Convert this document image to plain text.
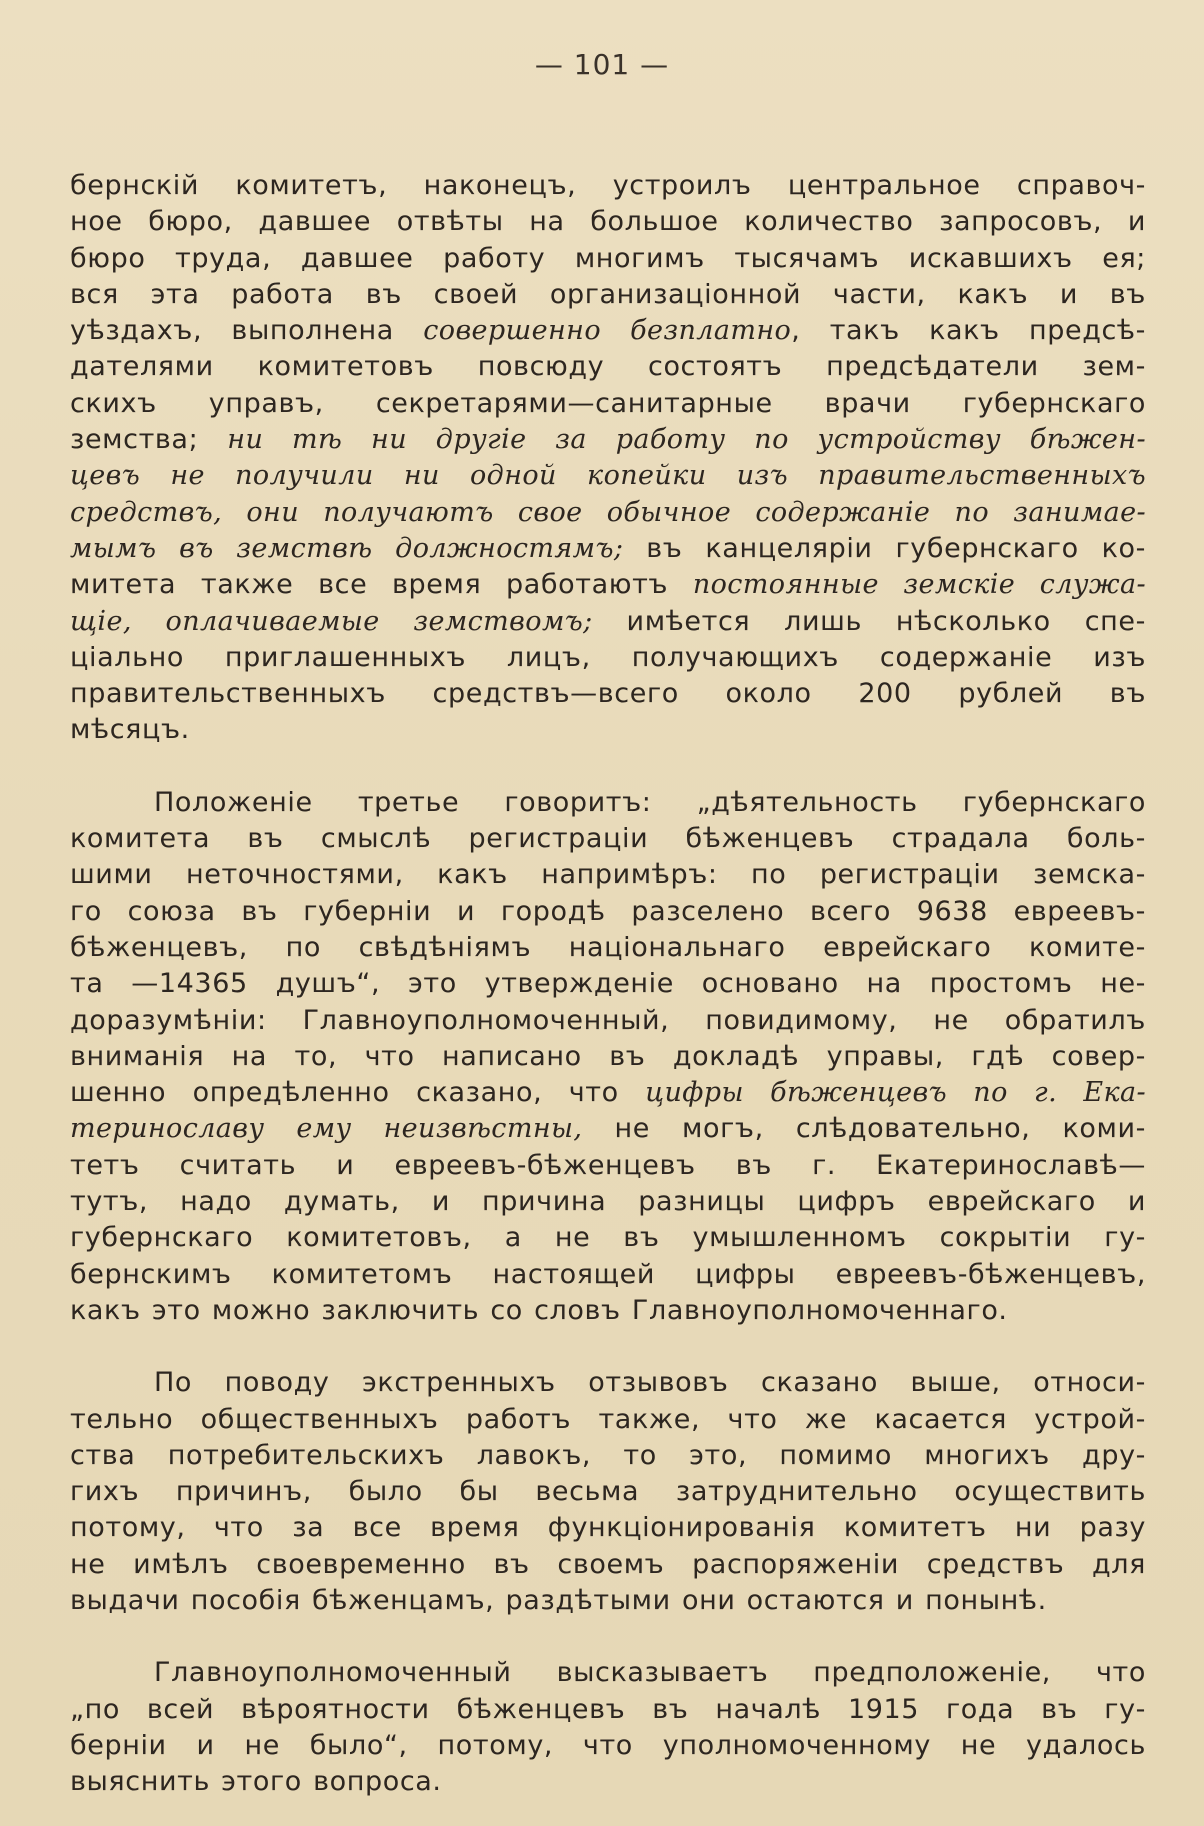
— 101 —
бернскій комитетъ, наконецъ, устроилъ центральное справоч-
ное бюро, давшее отвѣты на большое количество запросовъ, и
бюро труда, давшее работу многимъ тысячамъ искавшихъ ея;
вся эта работа въ своей организаціонной части, какъ и въ
уѣздахъ, выполнена совершенно безплатно, такъ какъ предсѣ-
дателями комитетовъ повсюду состоятъ предсѣдатели зем-
скихъ управъ, секретарями—санитарные врачи губернскаго
земства; ни тѣ ни другіе за работу по устройству бѣжен-
цевъ не получили ни одной копейки изъ правительственныхъ
средствъ, они получаютъ свое обычное содержаніе по занимае-
мымъ въ земствѣ должностямъ; въ канцеляріи губернскаго ко-
митета также все время работаютъ постоянные земскіе служа-
щіе, оплачиваемые земствомъ; имѣется лишь нѣсколько спе-
ціально приглашенныхъ лицъ, получающихъ содержаніе изъ
правительственныхъ средствъ—всего около 200 рублей въ
мѣсяцъ.
Положеніе третье говоритъ: „дѣятельность губернскаго
комитета въ смыслѣ регистраціи бѣженцевъ страдала боль-
шими неточностями, какъ напримѣръ: по регистраціи земска-
го союза въ губерніи и городѣ разселено всего 9638 евреевъ-
бѣженцевъ, по свѣдѣніямъ національнаго еврейскаго комите-
та —14365 душъ“, это утвержденіе основано на простомъ не-
доразумѣніи: Главноуполномоченный, повидимому, не обратилъ
вниманія на то, что написано въ докладѣ управы, гдѣ совер-
шенно опредѣленно сказано, что цифры бѣженцевъ по г. Ека-
теринославу ему неизвѣстны, не могъ, слѣдовательно, коми-
тетъ считать и евреевъ-бѣженцевъ въ г. Екатеринославѣ—
тутъ, надо думать, и причина разницы цифръ еврейскаго и
губернскаго комитетовъ, а не въ умышленномъ сокрытіи гу-
бернскимъ комитетомъ настоящей цифры евреевъ-бѣженцевъ,
какъ это можно заключить со словъ Главноуполномоченнаго.
По поводу экстренныхъ отзывовъ сказано выше, относи-
тельно общественныхъ работъ также, что же касается устрой-
ства потребительскихъ лавокъ, то это, помимо многихъ дру-
гихъ причинъ, было бы весьма затруднительно осуществить
потому, что за все время функціонированія комитетъ ни разу
не имѣлъ своевременно въ своемъ распоряженіи средствъ для
выдачи пособія бѣженцамъ, раздѣтыми они остаются и понынѣ.
Главноуполномоченный высказываетъ предположеніе, что
„по всей вѣроятности бѣженцевъ въ началѣ 1915 года въ гу-
берніи и не было“, потому, что уполномоченному не удалось
выяснить этого вопроса.
